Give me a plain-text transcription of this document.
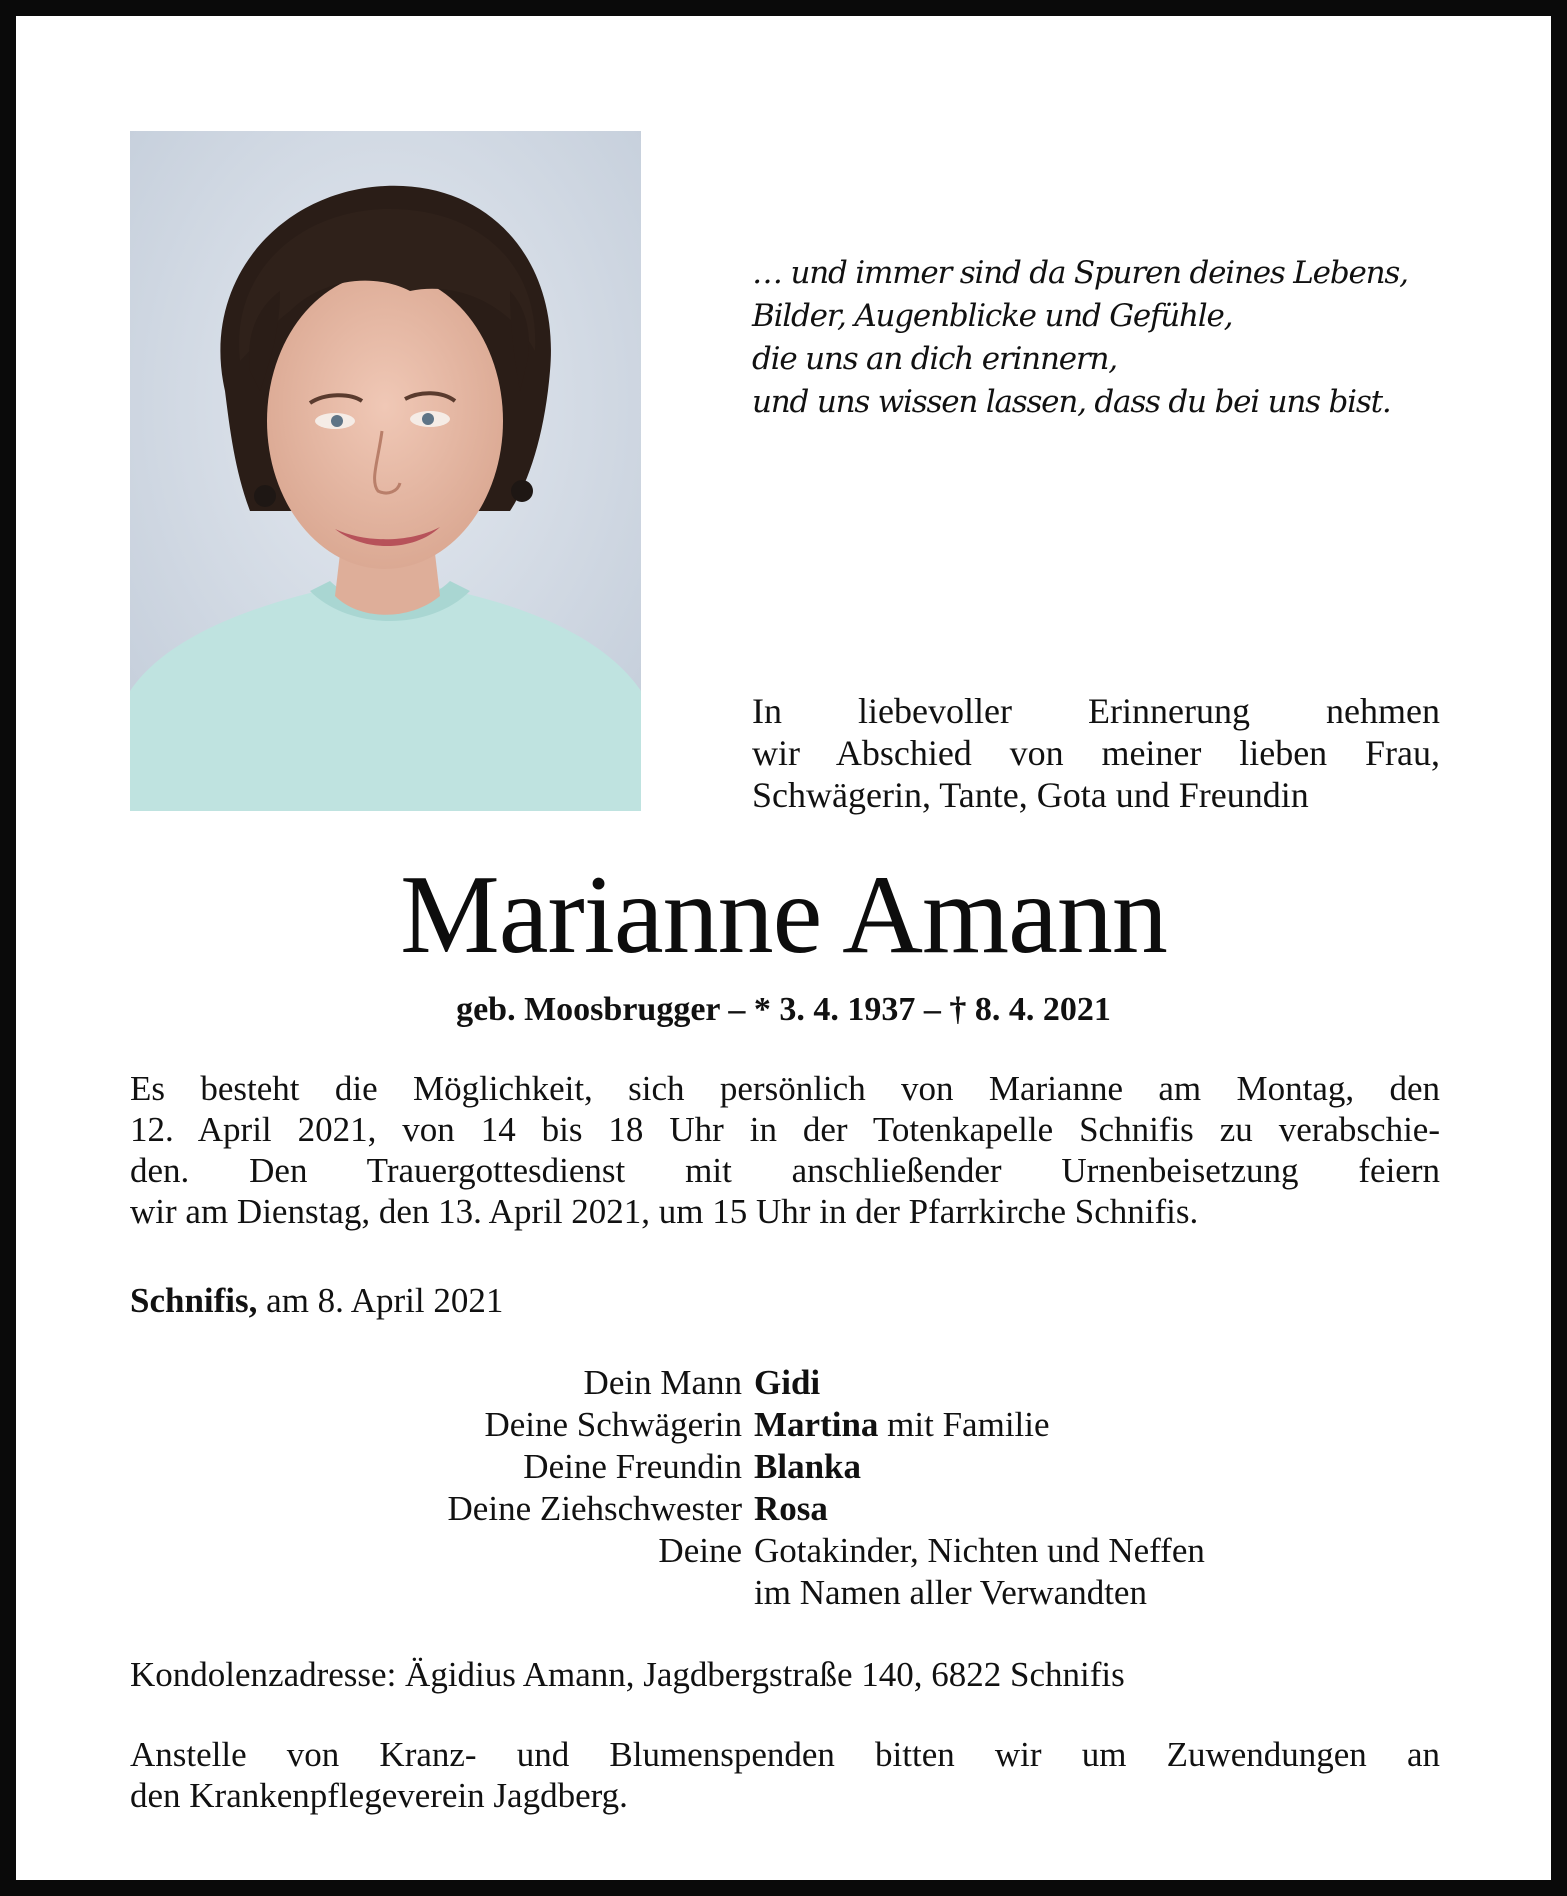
… und immer sind da Spuren deines Lebens,
Bilder, Augenblicke und Gefühle,
die uns an dich erinnern,
und uns wissen lassen, dass du bei uns bist.
In liebevoller Erinnerung nehmen
wir Abschied von meiner lieben Frau,
Schwägerin, Tante, Gota und Freundin
Marianne Amann
geb. Moosbrugger – * 3. 4. 1937 – † 8. 4. 2021
Es besteht die Möglichkeit, sich persönlich von Marianne am Montag, den
12. April 2021, von 14 bis 18 Uhr in der Totenkapelle Schnifis zu verabschie-
den. Den Trauergottesdienst mit anschließender Urnenbeisetzung feiern
wir am Dienstag, den 13. April 2021, um 15 Uhr in der Pfarrkirche Schnifis.
Schnifis, am 8. April 2021
Dein Mann Gidi
Deine Schwägerin Martina mit Familie
Deine Freundin Blanka
Deine Ziehschwester Rosa
Deine Gotakinder, Nichten und Neffen
im Namen aller Verwandten
Kondolenzadresse: Ägidius Amann, Jagdbergstraße 140, 6822 Schnifis
Anstelle von Kranz- und Blumenspenden bitten wir um Zuwendungen an
den Krankenpflegeverein Jagdberg.
